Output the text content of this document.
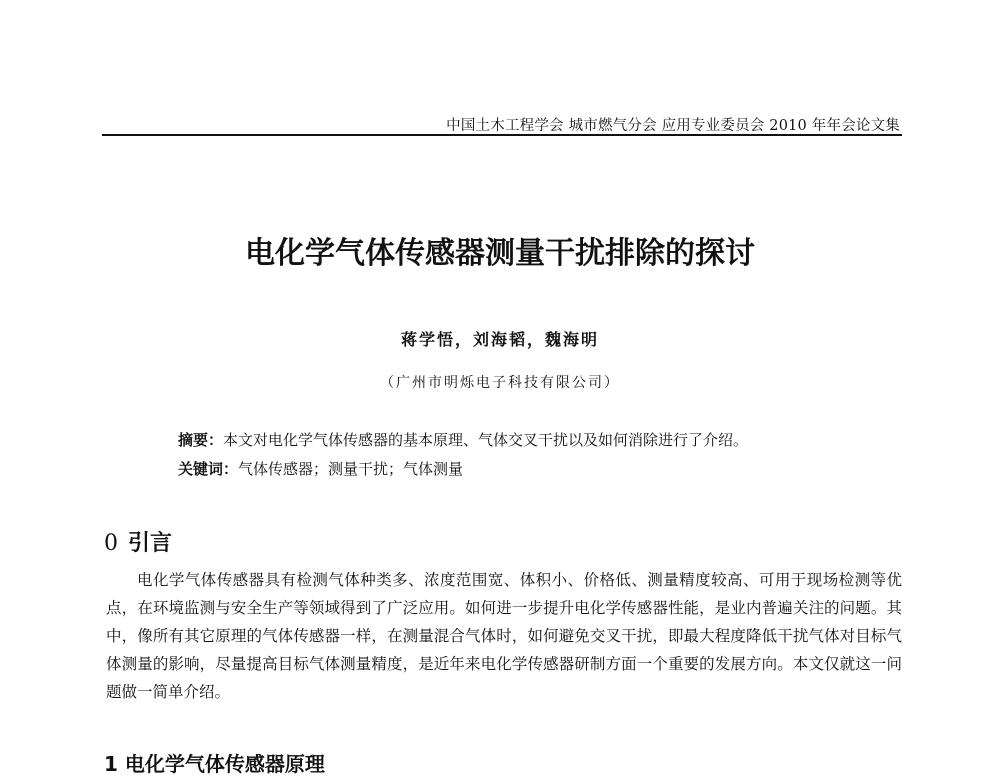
中国土木工程学会 城市燃气分会 应用专业委员会 2010 年年会论文集
电化学气体传感器测量干扰排除的探讨
蒋学悟，刘海韬，魏海明
（广州市明烁电子科技有限公司）
摘要：本文对电化学气体传感器的基本原理、气体交叉干扰以及如何消除进行了介绍。
关键词：气体传感器；测量干扰；气体测量
0 引言

电化学气体传感器具有检测气体种类多、浓度范围宽、体积小、价格低、测量精度较高、可用于现场检测等优点，在环境监测与安全生产等领域得到了广泛应用。如何进一步提升电化学传感器性能，是业内普遍关注的问题。其中，像所有其它原理的气体传感器一样，在测量混合气体时，如何避免交叉干扰，即最大程度降低干扰气体对目标气体测量的影响，尽量提高目标气体测量精度，是近年来电化学传感器研制方面一个重要的发展方向。本文仅就这一问题做一简单介绍。

1 电化学气体传感器原理
